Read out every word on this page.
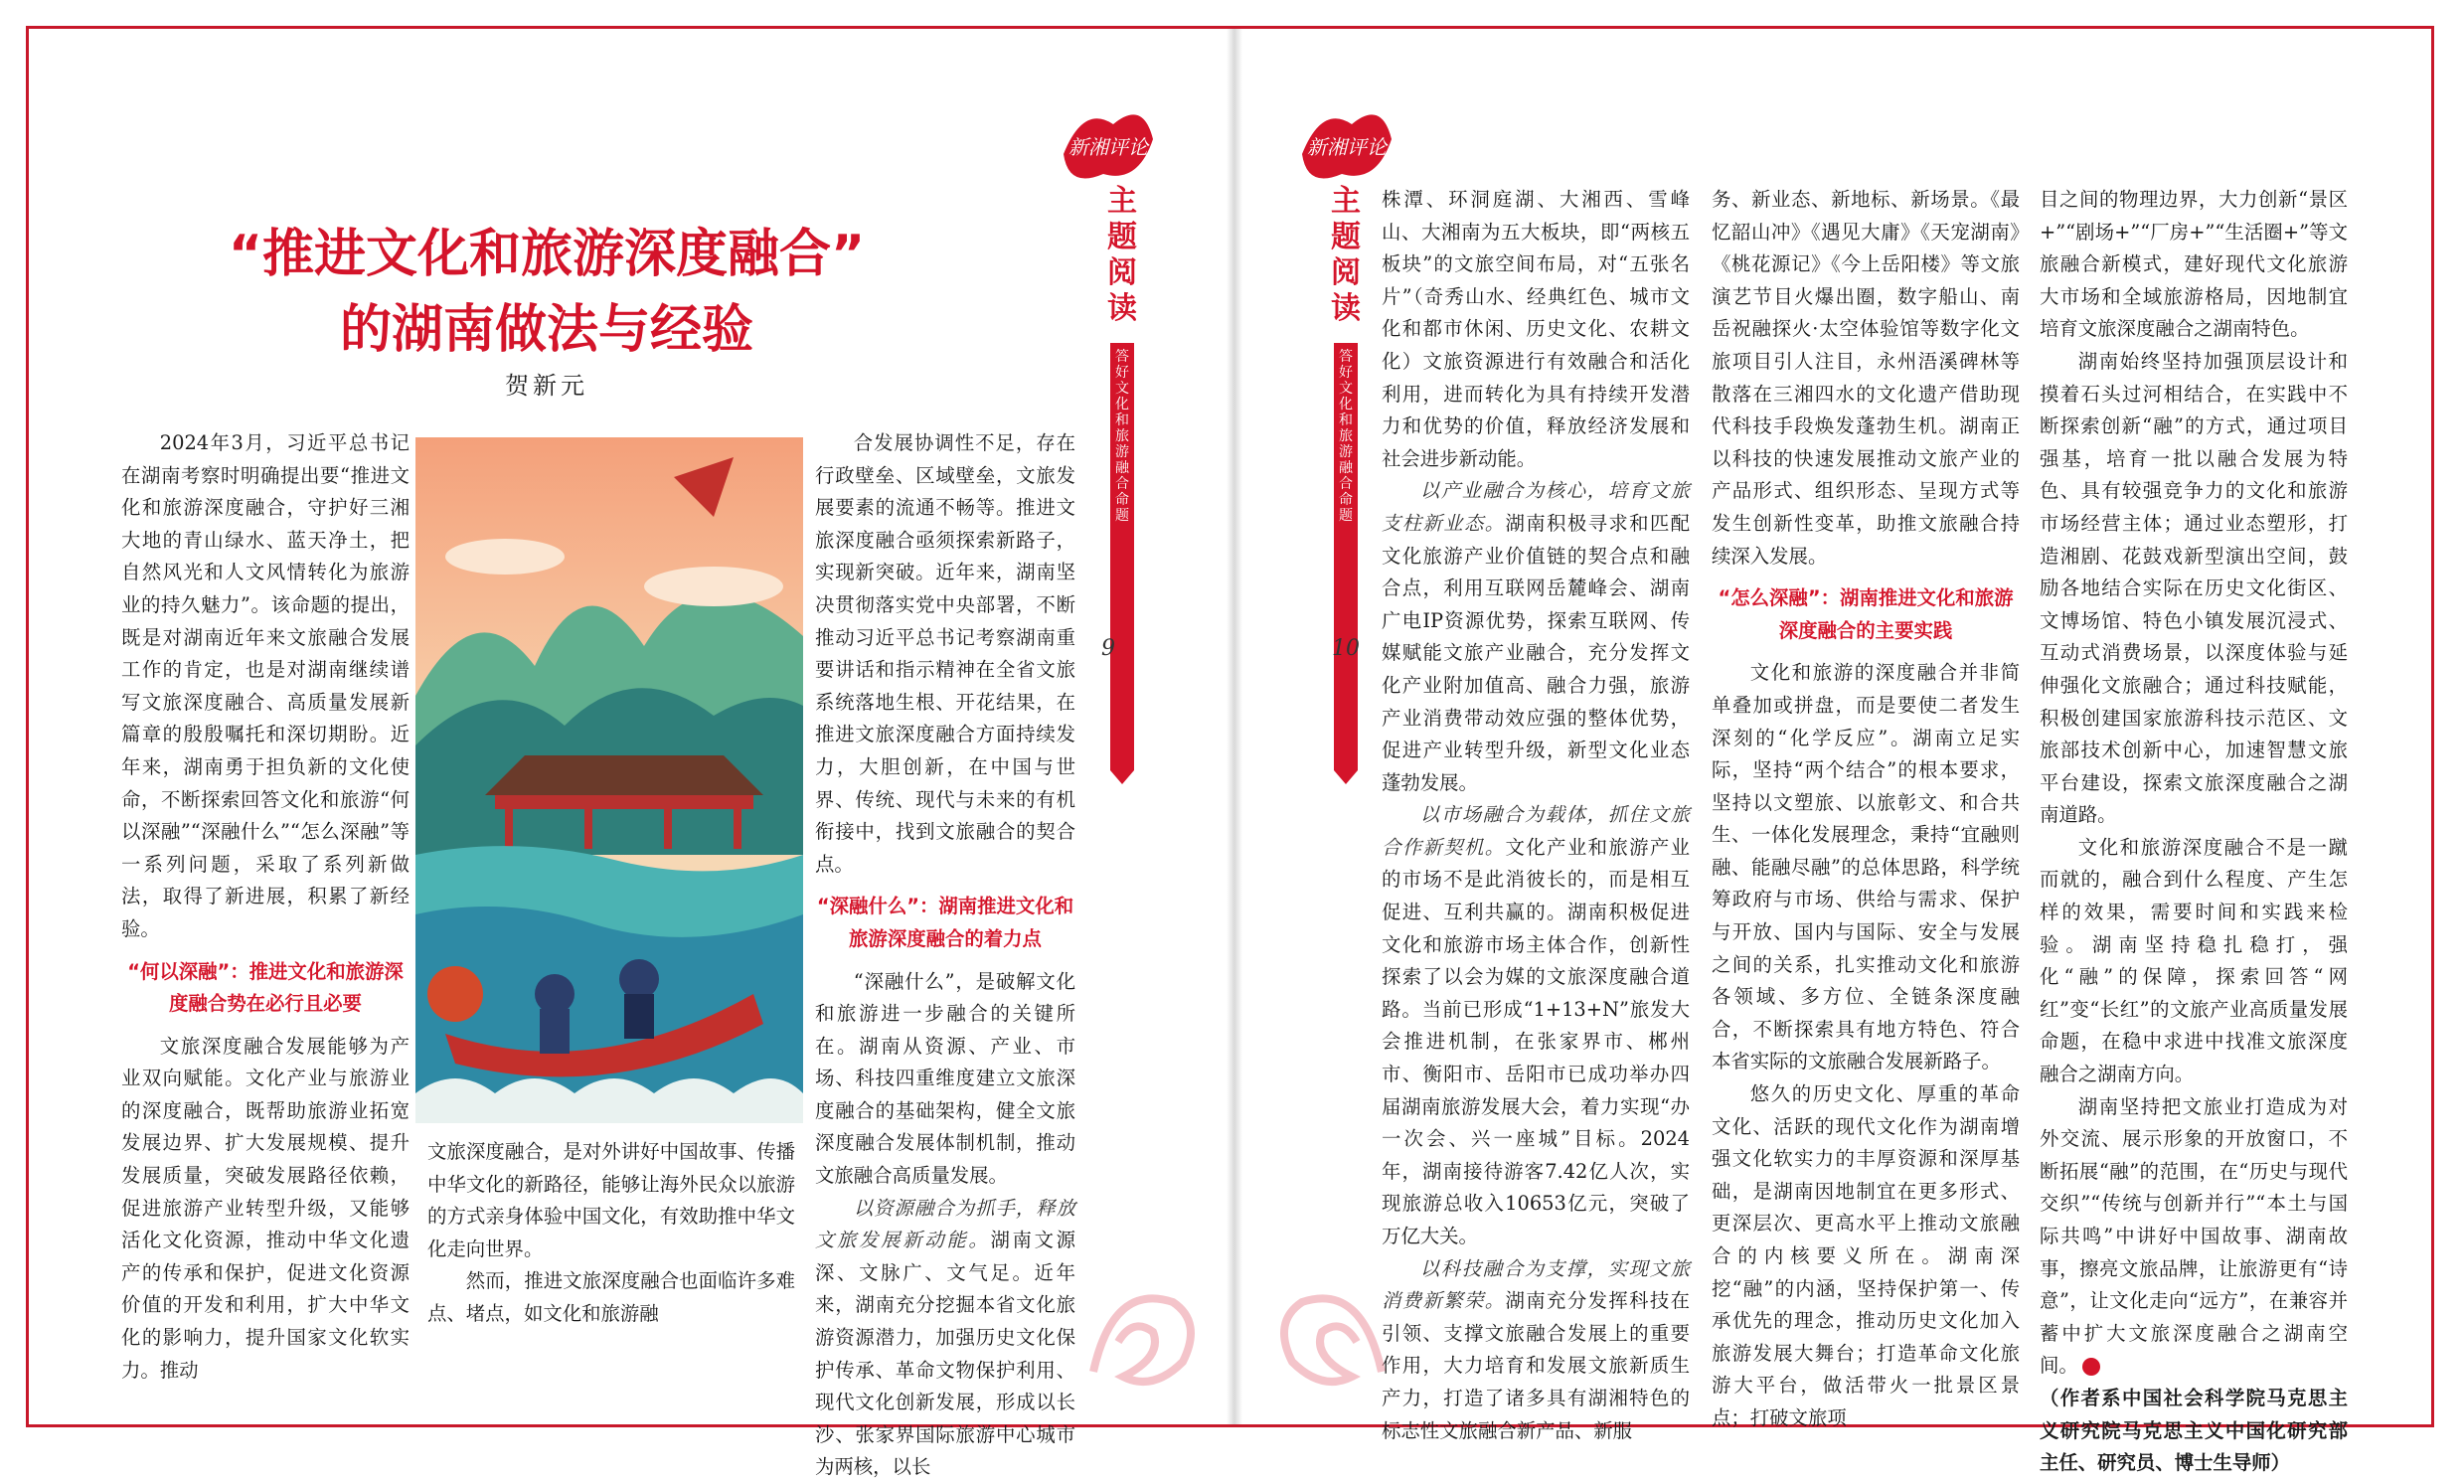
“推进文化和旅游深度融合”
的湖南做法与经验
贺新元

2024年3月，习近平总书记在湖南考察时明确提出要“推进文化和旅游深度融合，守护好三湘大地的青山绿水、蓝天净土，把自然风光和人文风情转化为旅游业的持久魅力”。该命题的提出，既是对湖南近年来文旅融合发展工作的肯定，也是对湖南继续谱写文旅深度融合、高质量发展新篇章的殷殷嘱托和深切期盼。近年来，湖南勇于担负新的文化使命，不断探索回答文化和旅游“何以深融”“深融什么”“怎么深融”等一系列问题，采取了系列新做法，取得了新进展，积累了新经验。

“何以深融”：推进文化和旅游深度融合势在必行且必要

文旅深度融合发展能够为产业双向赋能。文化产业与旅游业的深度融合，既帮助旅游业拓宽发展边界、扩大发展规模、提升发展质量，突破发展路径依赖，促进旅游产业转型升级，又能够活化文化资源，推动中华文化遗产的传承和保护，促进文化资源价值的开发和利用，扩大中华文化的影响力，提升国家文化软实力。推动

合发展协调性不足，存在行政壁垒、区域壁垒，文旅发展要素的流通不畅等。推进文旅深度融合亟须探索新路子，实现新突破。近年来，湖南坚决贯彻落实党中央部署，不断推动习近平总书记考察湖南重要讲话和指示精神在全省文旅系统落地生根、开花结果，在推进文旅深度融合方面持续发力，大胆创新，在中国与世界、传统、现代与未来的有机衔接中，找到文旅融合的契合点。

“深融什么”：湖南推进文化和旅游深度融合的着力点

“深融什么”，是破解文化和旅游进一步融合的关键所在。湖南从资源、产业、市场、科技四重维度建立文旅深度融合的基础架构，健全文旅深度融合发展体制机制，推动文旅融合高质量发展。

以资源融合为抓手，释放文旅发展新动能。湖南文源深、文脉广、文气足。近年来，湖南充分挖掘本省文化旅游资源潜力，加强历史文化保护传承、革命文物保护利用、现代文化创新发展，形成以长沙、张家界国际旅游中心城市为两核，以长

文旅深度融合，是对外讲好中国故事、传播中华文化的新路径，能够让海外民众以旅游的方式亲身体验中国文化，有效助推中华文化走向世界。

然而，推进文旅深度融合也面临许多难点、堵点，如文化和旅游融

株潭、环洞庭湖、大湘西、雪峰山、大湘南为五大板块，即“两核五板块”的文旅空间布局，对“五张名片”（奇秀山水、经典红色、城市文化和都市休闲、历史文化、农耕文化）文旅资源进行有效融合和活化利用，进而转化为具有持续开发潜力和优势的价值，释放经济发展和社会进步新动能。

以产业融合为核心，培育文旅支柱新业态。湖南积极寻求和匹配文化旅游产业价值链的契合点和融合点，利用互联网岳麓峰会、湖南广电IP资源优势，探索互联网、传媒赋能文旅产业融合，充分发挥文化产业附加值高、融合力强，旅游产业消费带动效应强的整体优势，促进产业转型升级，新型文化业态蓬勃发展。

以市场融合为载体，抓住文旅合作新契机。文化产业和旅游产业的市场不是此消彼长的，而是相互促进、互利共赢的。湖南积极促进文化和旅游市场主体合作，创新性探索了以会为媒的文旅深度融合道路。当前已形成“1+13+N”旅发大会推进机制，在张家界市、郴州市、衡阳市、岳阳市已成功举办四届湖南旅游发展大会，着力实现“办一次会、兴一座城”目标。2024年，湖南接待游客7.42亿人次，实现旅游总收入10653亿元，突破了万亿大关。

以科技融合为支撑，实现文旅消费新繁荣。湖南充分发挥科技在引领、支撑文旅融合发展上的重要作用，大力培育和发展文旅新质生产力，打造了诸多具有湖湘特色的标志性文旅融合新产品、新服

务、新业态、新地标、新场景。《最忆韶山冲》《遇见大庸》《天宠湖南》《桃花源记》《今上岳阳楼》等文旅演艺节目火爆出圈，数字船山、南岳祝融探火·太空体验馆等数字化文旅项目引人注目，永州浯溪碑林等散落在三湘四水的文化遗产借助现代科技手段焕发蓬勃生机。湖南正以科技的快速发展推动文旅产业的产品形式、组织形态、呈现方式等发生创新性变革，助推文旅融合持续深入发展。

“怎么深融”：湖南推进文化和旅游深度融合的主要实践

文化和旅游的深度融合并非简单叠加或拼盘，而是要使二者发生深刻的“化学反应”。湖南立足实际，坚持“两个结合”的根本要求，坚持以文塑旅、以旅彰文、和合共生、一体化发展理念，秉持“宜融则融、能融尽融”的总体思路，科学统筹政府与市场、供给与需求、保护与开放、国内与国际、安全与发展之间的关系，扎实推动文化和旅游各领域、多方位、全链条深度融合，不断探索具有地方特色、符合本省实际的文旅融合发展新路子。

悠久的历史文化、厚重的革命文化、活跃的现代文化作为湖南增强文化软实力的丰厚资源和深厚基础，是湖南因地制宜在更多形式、更深层次、更高水平上推动文旅融合的内核要义所在。湖南深挖“融”的内涵，坚持保护第一、传承优先的理念，推动历史文化加入旅游发展大舞台；打造革命文化旅游大平台，做活带火一批景区景点；打破文旅项

目之间的物理边界，大力创新“景区+”“剧场+”“厂房+”“生活圈+”等文旅融合新模式，建好现代文化旅游大市场和全域旅游格局，因地制宜培育文旅深度融合之湖南特色。

湖南始终坚持加强顶层设计和摸着石头过河相结合，在实践中不断探索创新“融”的方式，通过项目强基，培育一批以融合发展为特色、具有较强竞争力的文化和旅游市场经营主体；通过业态塑形，打造湘剧、花鼓戏新型演出空间，鼓励各地结合实际在历史文化街区、文博场馆、特色小镇发展沉浸式、互动式消费场景，以深度体验与延伸强化文旅融合；通过科技赋能，积极创建国家旅游科技示范区、文旅部技术创新中心，加速智慧文旅平台建设，探索文旅深度融合之湖南道路。

文化和旅游深度融合不是一蹴而就的，融合到什么程度、产生怎样的效果，需要时间和实践来检验。湖南坚持稳扎稳打，强化“融”的保障，探索回答“网红”变“长红”的文旅产业高质量发展命题，在稳中求进中找准文旅深度融合之湖南方向。

湖南坚持把文旅业打造成为对外交流、展示形象的开放窗口，不断拓展“融”的范围，在“历史与现代交织”“传统与创新并行”“本土与国际共鸣”中讲好中国故事、湖南故事，擦亮文旅品牌，让旅游更有“诗意”，让文化走向“远方”，在兼容并蓄中扩大文旅深度融合之湖南空间。

（作者系中国社会科学院马克思主义研究院马克思主义中国化研究部主任、研究员、博士生导师）

新湘评论
主题阅读
答好文化和旅游融合命题
9
新湘评论
主题阅读
答好文化和旅游融合命题
10
